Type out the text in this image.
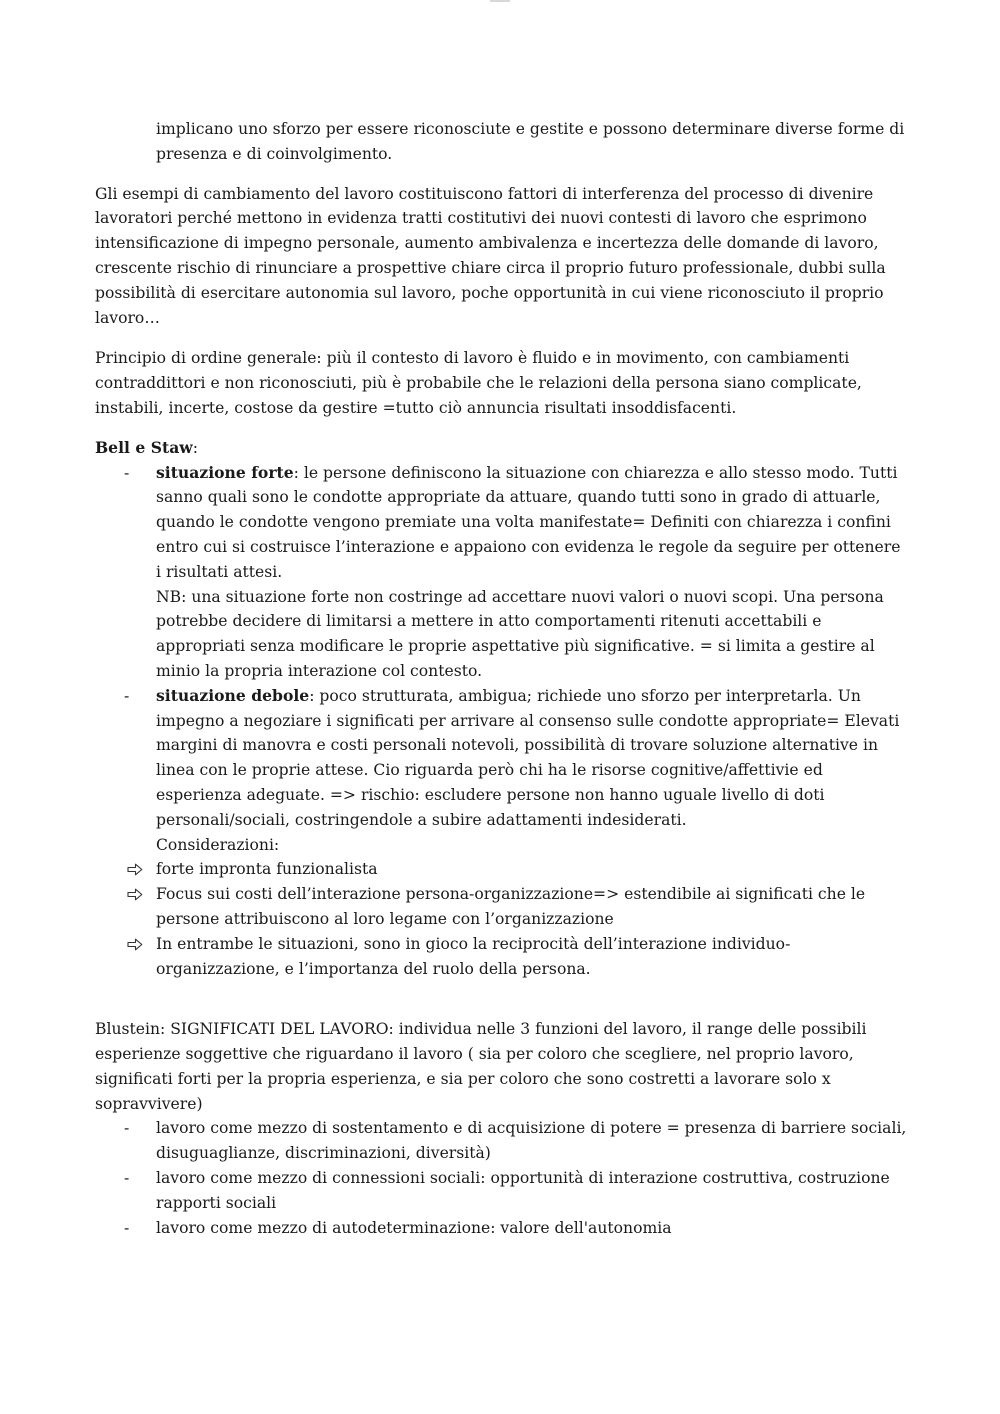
implicano uno sforzo per essere riconosciute e gestite e possono determinare diverse forme di presenza e di coinvolgimento.

Gli esempi di cambiamento del lavoro costituiscono fattori di interferenza del processo di divenire lavoratori perché mettono in evidenza tratti costitutivi dei nuovi contesti di lavoro che esprimono intensificazione di impegno personale, aumento ambivalenza e incertezza delle domande di lavoro, crescente rischio di rinunciare a prospettive chiare circa il proprio futuro professionale, dubbi sulla possibilità di esercitare autonomia sul lavoro, poche opportunità in cui viene riconosciuto il proprio lavoro…

Principio di ordine generale: più il contesto di lavoro è fluido e in movimento, con cambiamenti contraddittori e non riconosciuti, più è probabile che le relazioni della persona siano complicate, instabili, incerte, costose da gestire =tutto ciò annuncia risultati insoddisfacenti.

Bell e Staw:

-	situazione forte: le persone definiscono la situazione con chiarezza e allo stesso modo. Tutti sanno quali sono le condotte appropriate da attuare, quando tutti sono in grado di attuarle, quando le condotte vengono premiate una volta manifestate= Definiti con chiarezza i confini entro cui si costruisce l’interazione e appaiono con evidenza le regole da seguire per ottenere i risultati attesi.

NB: una situazione forte non costringe ad accettare nuovi valori o nuovi scopi. Una persona potrebbe decidere di limitarsi a mettere in atto comportamenti ritenuti accettabili e appropriati senza modificare le proprie aspettative più significative. = si limita a gestire al minio la propria interazione col contesto.

-	situazione debole: poco strutturata, ambigua; richiede uno sforzo per interpretarla. Un impegno a negoziare i significati per arrivare al consenso sulle condotte appropriate= Elevati margini di manovra e costi personali notevoli, possibilità di trovare soluzione alternative in linea con le proprie attese. Cio riguarda però chi ha le risorse cognitive/affettivie ed esperienza adeguate. => rischio: escludere persone non hanno uguale livello di doti personali/sociali, costringendole a subire adattamenti indesiderati.

Considerazioni:

forte impronta funzionalista

Focus sui costi dell’interazione persona-organizzazione=> estendibile ai significati che le persone attribuiscono al loro legame con l’organizzazione

In entrambe le situazioni, sono in gioco la reciprocità dell’interazione individuo-organizzazione, e l’importanza del ruolo della persona.

Blustein: SIGNIFICATI DEL LAVORO: individua nelle 3 funzioni del lavoro, il range delle possibili esperienze soggettive che riguardano il lavoro ( sia per coloro che scegliere, nel proprio lavoro, significati forti per la propria esperienza, e sia per coloro che sono costretti a lavorare solo x sopravvivere)

-	lavoro come mezzo di sostentamento e di acquisizione di potere = presenza di barriere sociali, disuguaglianze, discriminazioni, diversità)

-	lavoro come mezzo di connessioni sociali: opportunità di interazione costruttiva, costruzione rapporti sociali

-	lavoro come mezzo di autodeterminazione: valore dell'autonomia
